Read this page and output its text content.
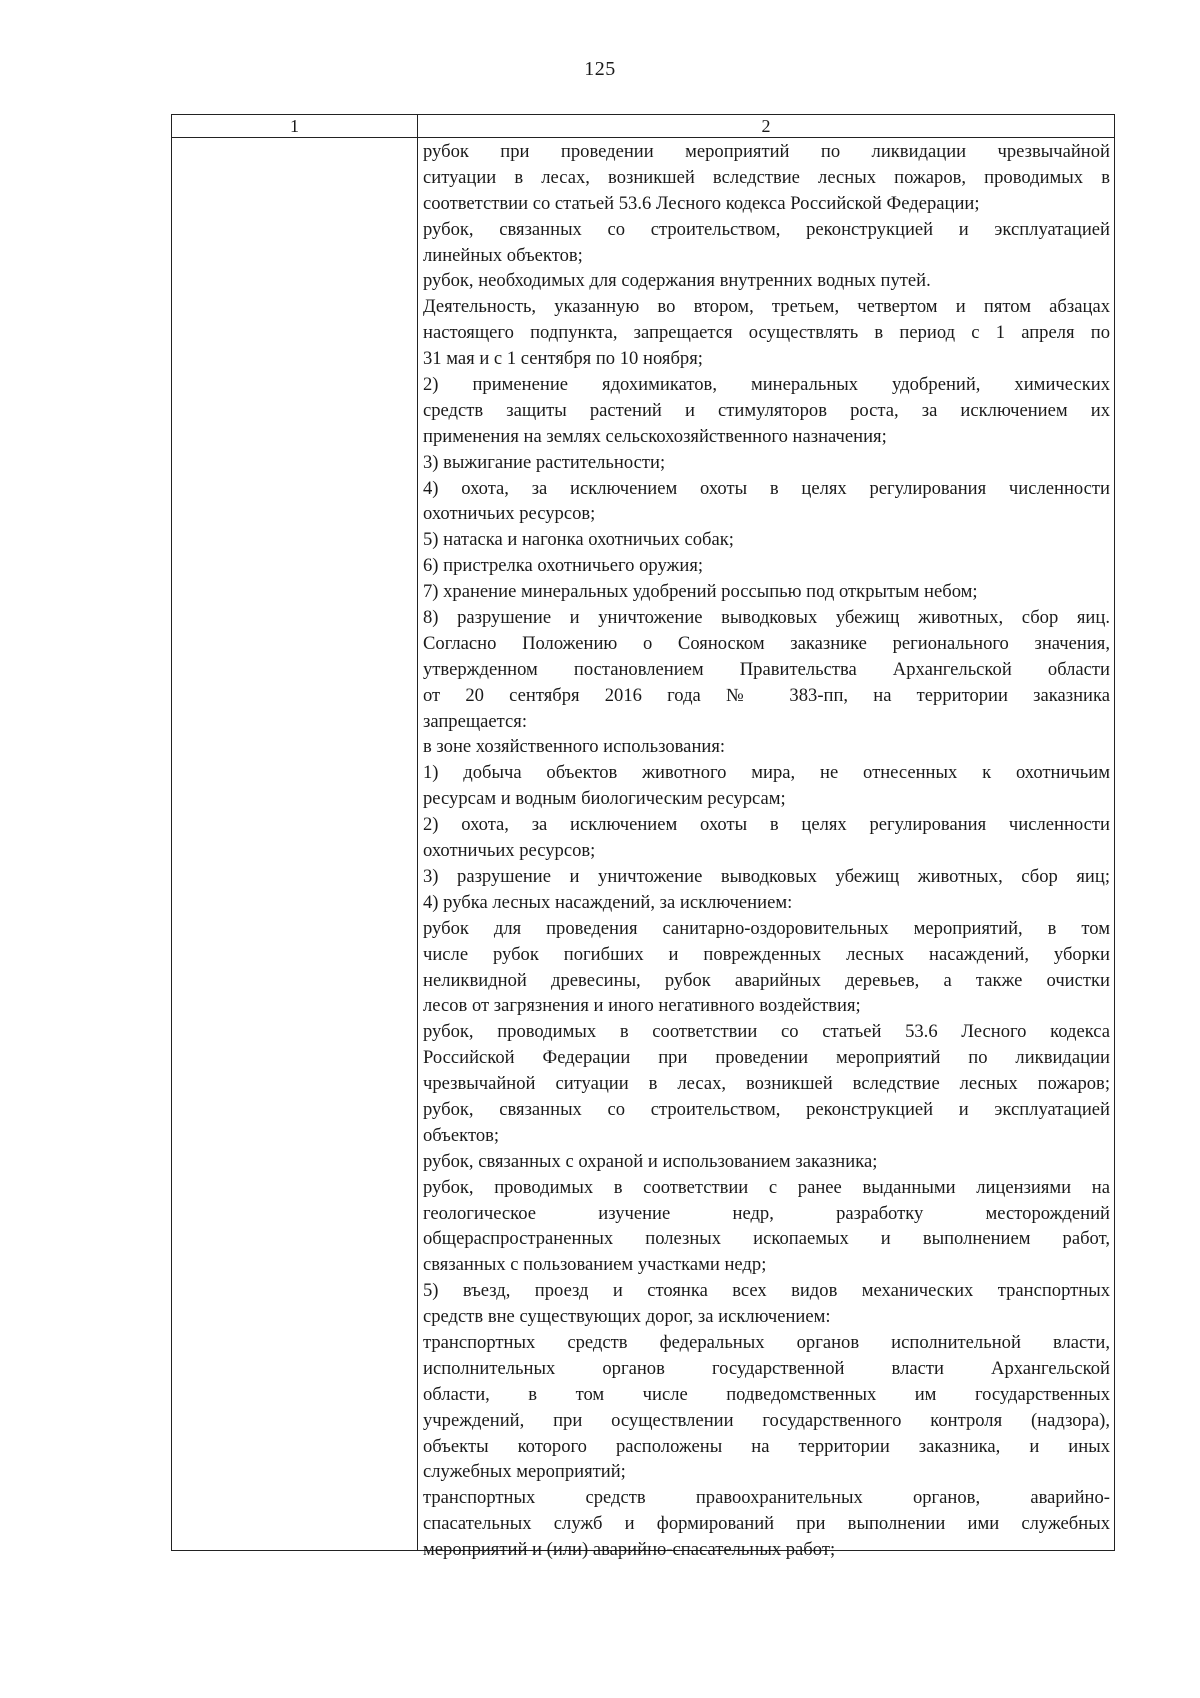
125
1	2
рубок при проведении мероприятий по ликвидации чрезвычайной
ситуации в лесах, возникшей вследствие лесных пожаров, проводимых в
соответствии со статьей 53.6 Лесного кодекса Российской Федерации;
рубок, связанных со строительством, реконструкцией и эксплуатацией
линейных объектов;
рубок, необходимых для содержания внутренних водных путей.
Деятельность, указанную во втором, третьем, четвертом и пятом абзацах
настоящего подпункта, запрещается осуществлять в период с 1 апреля по
31 мая и с 1 сентября по 10 ноября;
2) применение ядохимикатов, минеральных удобрений, химических
средств защиты растений и стимуляторов роста, за исключением их
применения на землях сельскохозяйственного назначения;
3) выжигание растительности;
4) охота, за исключением охоты в целях регулирования численности
охотничьих ресурсов;
5) натаска и нагонка охотничьих собак;
6) пристрелка охотничьего оружия;
7) хранение минеральных удобрений россыпью под открытым небом;
8) разрушение и уничтожение выводковых убежищ животных, сбор яиц.
Согласно Положению о Сояноском заказнике регионального значения,
утвержденном постановлением Правительства Архангельской области
от 20 сентября 2016 года № 383-пп, на территории заказника
запрещается:
в зоне хозяйственного использования:
1) добыча объектов животного мира, не отнесенных к охотничьим
ресурсам и водным биологическим ресурсам;
2) охота, за исключением охоты в целях регулирования численности
охотничьих ресурсов;
3) разрушение и уничтожение выводковых убежищ животных, сбор яиц;
4) рубка лесных насаждений, за исключением:
рубок для проведения санитарно-оздоровительных мероприятий, в том
числе рубок погибших и поврежденных лесных насаждений, уборки
неликвидной древесины, рубок аварийных деревьев, а также очистки
лесов от загрязнения и иного негативного воздействия;
рубок, проводимых в соответствии со статьей 53.6 Лесного кодекса
Российской Федерации при проведении мероприятий по ликвидации
чрезвычайной ситуации в лесах, возникшей вследствие лесных пожаров;
рубок, связанных со строительством, реконструкцией и эксплуатацией
объектов;
рубок, связанных с охраной и использованием заказника;
рубок, проводимых в соответствии с ранее выданными лицензиями на
геологическое изучение недр, разработку месторождений
общераспространенных полезных ископаемых и выполнением работ,
связанных с пользованием участками недр;
5) въезд, проезд и стоянка всех видов механических транспортных
средств вне существующих дорог, за исключением:
транспортных средств федеральных органов исполнительной власти,
исполнительных органов государственной власти Архангельской
области, в том числе подведомственных им государственных
учреждений, при осуществлении государственного контроля (надзора),
объекты которого расположены на территории заказника, и иных
служебных мероприятий;
транспортных средств правоохранительных органов, аварийно-
спасательных служб и формирований при выполнении ими служебных
мероприятий и (или) аварийно-спасательных работ;
